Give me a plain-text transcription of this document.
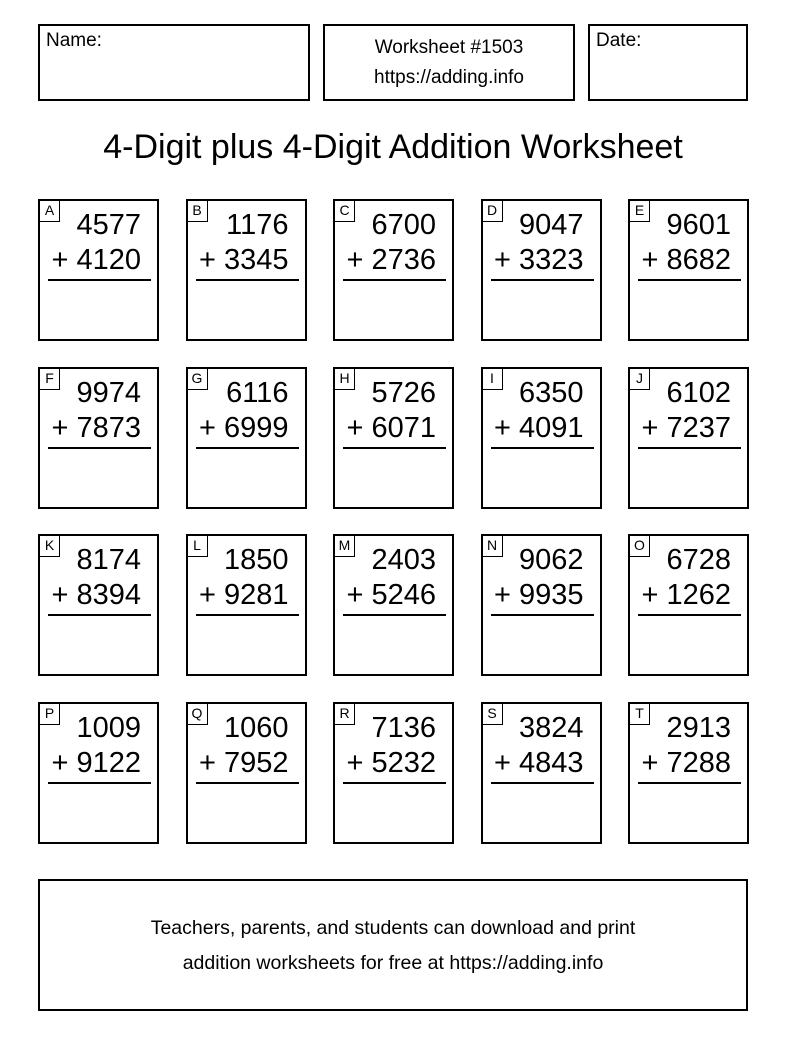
Name:	Worksheet #1503
https://adding.info
Date:
4-Digit plus 4-Digit Addition Worksheet
A 4577
+ 4120
B 1176
+ 3345
C 6700
+ 2736
D 9047
+ 3323
E 9601
+ 8682
F 9974
+ 7873
G 6116
+ 6999
H 5726
+ 6071
I 6350
+ 4091
J 6102
+ 7237
K 8174
+ 8394
L 1850
+ 9281
M 2403
+ 5246
N 9062
+ 9935
O 6728
+ 1262
P 1009
+ 9122
Q 1060
+ 7952
R 7136
+ 5232
S 3824
+ 4843
T 2913
+ 7288
Teachers, parents, and students can download and print
addition worksheets for free at https://adding.info
